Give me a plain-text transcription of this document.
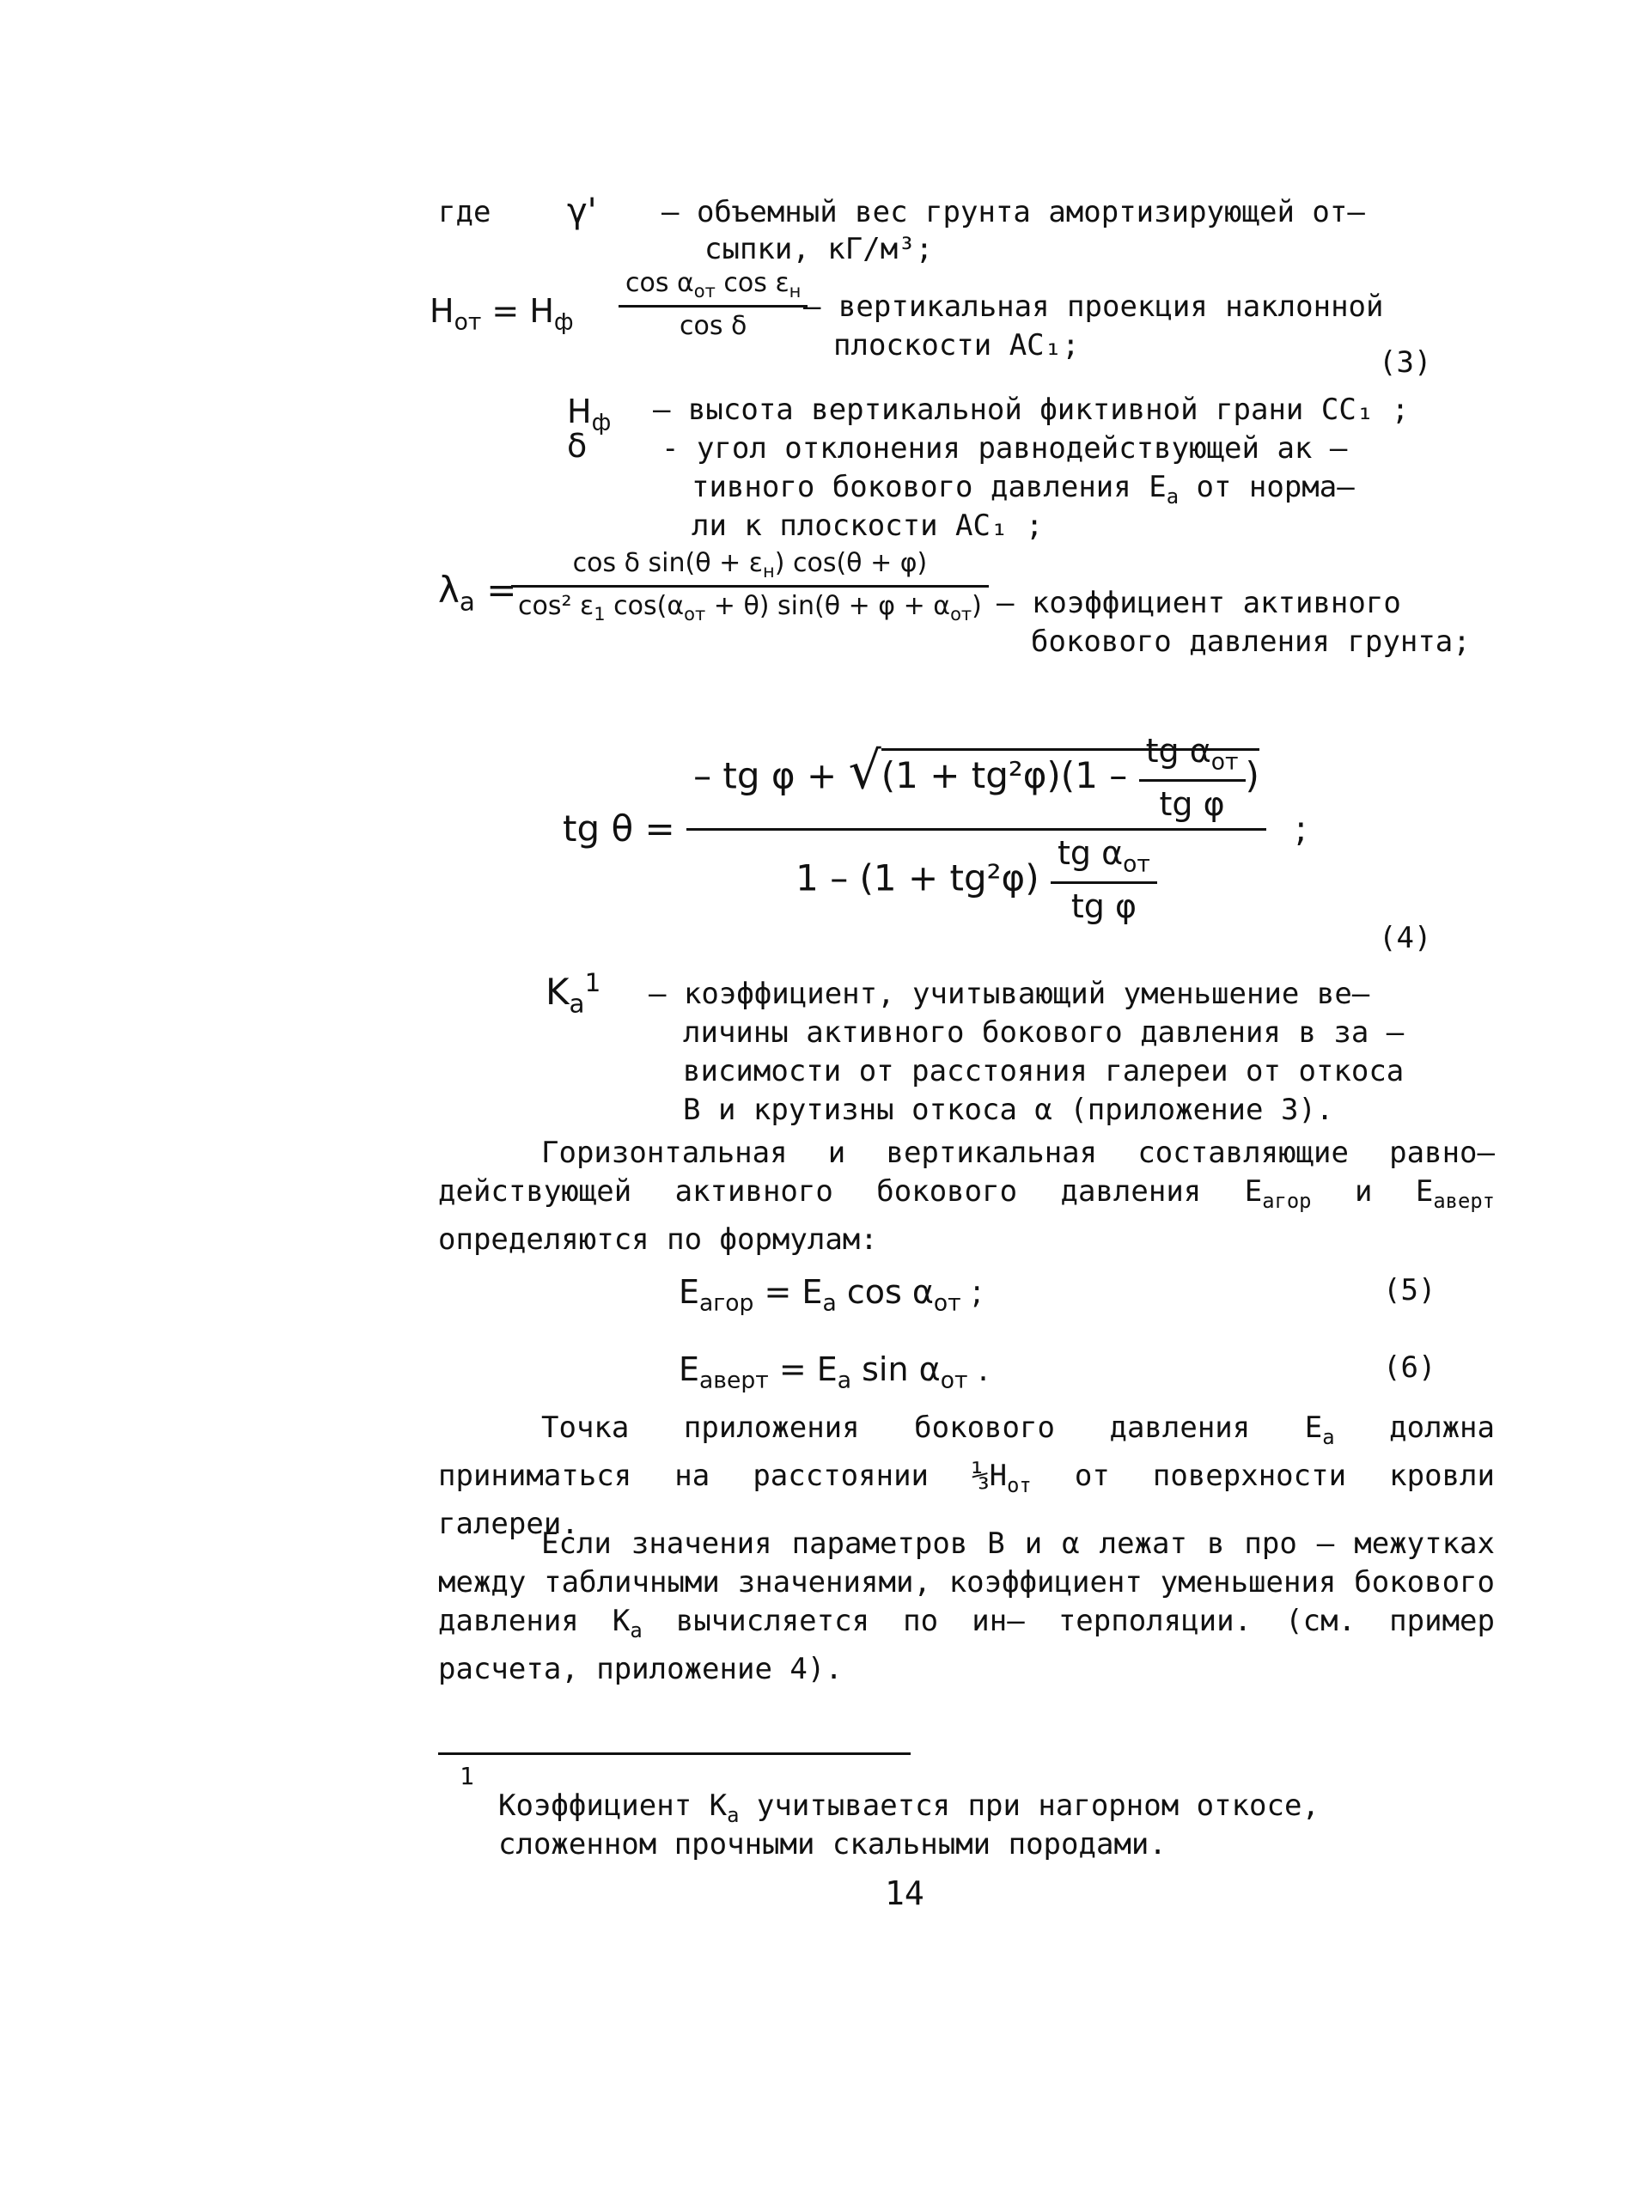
где γ' – объемный вес грунта амортизирующей от–
сыпки, кГ/м³;
$H_{от} = H_ф \frac{\cos \alpha_{от} \cos \varepsilon_н}{\text{cos δ}}$
– вертикальная проекция наклонной
плоскости AC₁;	(3)
$H_ф$ – высота вертикальной фиктивной грани CC₁ ;
δ	- угол отклонения равнодействующей ак –
тивного бокового давления $E_a$ от норма–
ли к плоскости AC₁ ;
$\lambda_a$ =
$\frac{\cos \delta \sin(\theta + \varepsilon_н) \cos(\theta + \varphi)}{\cos^2 \varepsilon_1 \cos(\alpha_{от} + \theta) \sin(\theta + \varphi + \alpha_{от})}$ – коэффициент активного
бокового давления грунта;
tg θ =
– tg $\varphi + √(1 + tg^2\varphi)(1 - \frac{tg \alpha_{от}}{\text{tg φ}}$ )
$1 - (1 + tg^2\varphi) \frac{tg \alpha_{от}}{\text{tg φ}}$
;
(4)
$K_a^1$ – коэффициент, учитывающий уменьшение ве–
личины активного бокового давления в за –
висимости от расстояния галереи от откоса
B и крутизны откоса α (приложение 3).
Горизонтальная и вертикальная составляющие равно–действующей активного бокового давления $E_{aгор}$ и $E_{aверт}$ определяются по формулам:
$E_{aгор} = E_a$ $\cos \alpha_{от}$ ;	(5)
$E_{aверт} = E_a$ $\sin \alpha_{от}$ .	(6)
Точка приложения бокового давления $E_a$ должна приниматься на расстоянии $\frac{1}{3}H_{от}$ от поверхности кровли галереи.
Если значения параметров B и α лежат в про – межутках между табличными значениями, коэффициент уменьшения бокового давления $K_a$ вычисляется по ин– терполяции. (см. пример расчета, приложение 4).
1
Коэффициент $K_a$ учитывается при нагорном откосе,
сложенном прочными скальными породами.
14
